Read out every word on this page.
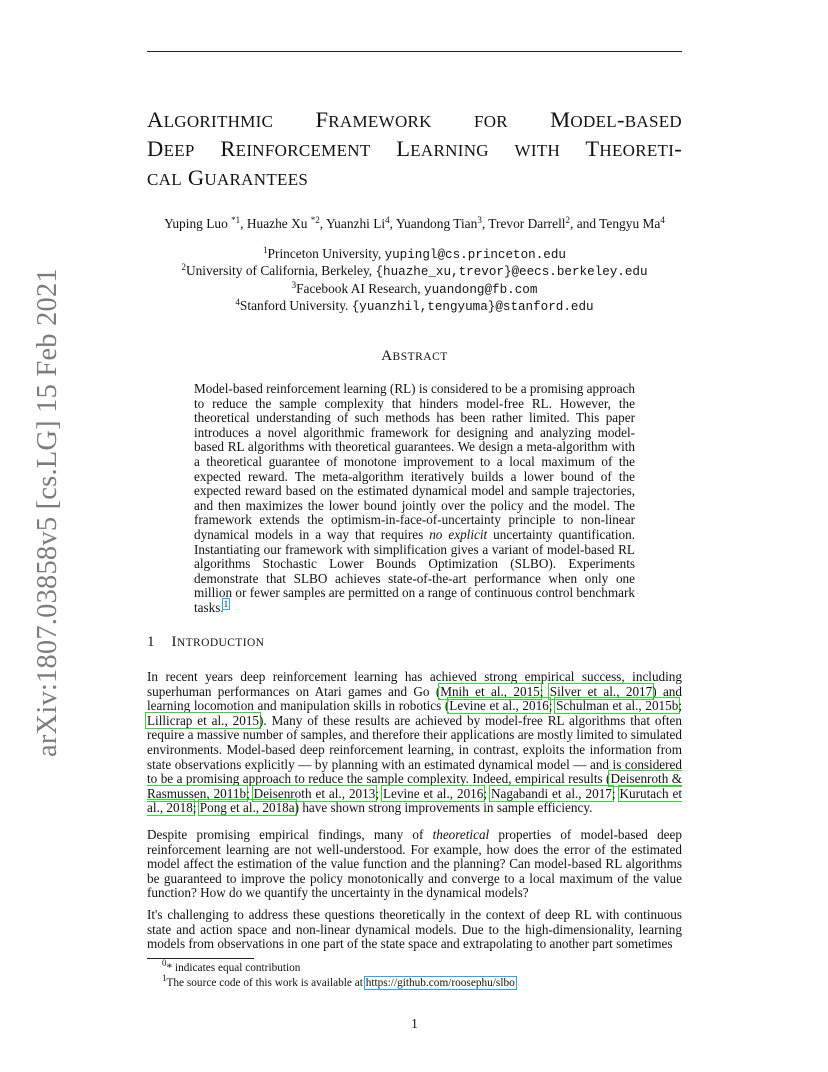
arXiv:1807.03858v5 [cs.LG] 15 Feb 2021
ALGORITHMIC FRAMEWORK FOR MODEL-BASED
DEEP REINFORCEMENT LEARNING WITH THEORETI-
CAL GUARANTEES
Yuping Luo $^{*1}$, Huazhe Xu $^{*2}$, Yuanzhi Li$^4$, Yuandong Tian$^3$, Trevor Darrell$^2$, and Tengyu Ma$^4$
$^1$Princeton University, yupingl@cs.princeton.edu
$^2$University of California, Berkeley, {huazhe_xu,trevor}@eecs.berkeley.edu
$^3$Facebook AI Research, yuandong@fb.com
$^4$Stanford University. {yuanzhil,tengyuma}@stanford.edu
ABSTRACT
Model-based reinforcement learning (RL) is considered to be a promising approach to reduce the sample complexity that hinders model-free RL. However, the theoretical understanding of such methods has been rather limited. This paper introduces a novel algorithmic framework for designing and analyzing model-based RL algorithms with theoretical guarantees. We design a meta-algorithm with a theoretical guarantee of monotone improvement to a local maximum of the expected reward. The meta-algorithm iteratively builds a lower bound of the expected reward based on the estimated dynamical model and sample trajectories, and then maximizes the lower bound jointly over the policy and the model. The framework extends the optimism-in-face-of-uncertainty principle to non-linear dynamical models in a way that requires no explicit uncertainty quantification. Instantiating our framework with simplification gives a variant of model-based RL algorithms Stochastic Lower Bounds Optimization (SLBO). Experiments demonstrate that SLBO achieves state-of-the-art performance when only one million or fewer samples are permitted on a range of continuous control benchmark tasks.$^1$
1 INTRODUCTION
In recent years deep reinforcement learning has achieved strong empirical success, including superhuman performances on Atari games and Go (Mnih et al., 2015; Silver et al., 2017) and learning locomotion and manipulation skills in robotics (Levine et al., 2016; Schulman et al., 2015b; Lillicrap et al., 2015). Many of these results are achieved by model-free RL algorithms that often require a massive number of samples, and therefore their applications are mostly limited to simulated environments. Model-based deep reinforcement learning, in contrast, exploits the information from state observations explicitly — by planning with an estimated dynamical model — and is considered to be a promising approach to reduce the sample complexity. Indeed, empirical results (Deisenroth & Rasmussen, 2011b; Deisenroth et al., 2013; Levine et al., 2016; Nagabandi et al., 2017; Kurutach et al., 2018; Pong et al., 2018a) have shown strong improvements in sample efficiency.
Despite promising empirical findings, many of theoretical properties of model-based deep reinforcement learning are not well-understood. For example, how does the error of the estimated model affect the estimation of the value function and the planning? Can model-based RL algorithms be guaranteed to improve the policy monotonically and converge to a local maximum of the value function? How do we quantify the uncertainty in the dynamical models?
It's challenging to address these questions theoretically in the context of deep RL with continuous state and action space and non-linear dynamical models. Due to the high-dimensionality, learning models from observations in one part of the state space and extrapolating to another part sometimes
$^0$* indicates equal contribution
$^1$The source code of this work is available at https://github.com/roosephu/slbo
1
